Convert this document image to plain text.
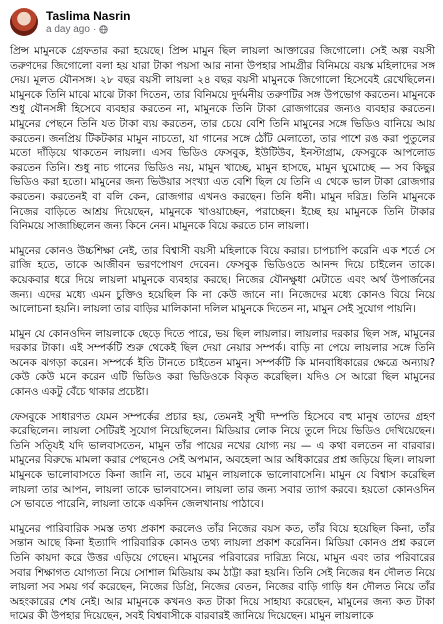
Taslima Nasrin
a day ago ·

প্রিন্স মামুনকে গ্রেফতার করা হয়েছে। প্রিন্স মামুন ছিল লায়লা আক্তারের জিগোলো। সেই অল্প বয়সী তরুণদের জিগোলো বলা হয় যারা টাকা পয়সা আর নানা উপহার সামগ্রীর বিনিময়ে বয়স্ক মহিলাদের সঙ্গ দেয়। মূলত যৌনসঙ্গ। ২৮ বছর বয়সী লায়লা ২৪ বছর বয়সী মামুনকে জিগোলো হিসেবেই রেখেছিলেন। মামুনকে তিনি মাঝে মাঝে টাকা দিতেন, তার বিনিময়ে দুর্দমনীয় তরুণটির সঙ্গ উপভোগ করতেন। মামুনকে শুধু যৌনসঙ্গী হিসেবে ব্যবহার করতেন না, মামুনকে তিনি টাকা রোজগারের জন্যও ব্যবহার করতেন। মামুনের পেছনে তিনি যত টাকা ব্যয় করতেন, তার চেয়ে বেশি তিনি মামুনের সঙ্গে ভিডিও বানিয়ে আয় করতেন। জনপ্রিয় টিকটকার মামুন নাচতো, যা গানের সঙ্গে ঠোঁট মেলাতো, তার পাশে রঙ করা পুতুলের মতো দাঁড়িয়ে থাকতেন লায়লা। এসব ভিডিও ফেসবুক, ইউটিউব, ইনস্টাগ্রাম, ফেসবুকে আপলোড করতেন তিনি। শুধু নাচ গানের ভিডিও নয়, মামুন খাচ্ছে, মামুন হাসছে, মামুন ঘুমোচ্ছে — সব কিছুর ভিডিও করা হতো। মামুনের জন্য ভিউয়ার সংখ্যা এত বেশি ছিল যে তিনি এ থেকে ভাল টাকা রোজগার করতেন। করতেনই বা বলি কেন, রোজগার এখনও করছেন। তিনি ধনী। মামুন দরিদ্র। তিনি মামুনকে নিজের বাড়িতে আশ্রয় দিয়েছেন, মামুনকে খাওয়াচ্ছেন, পরাচ্ছেন। ইচ্ছে হয় মামুনকে তিনি টাকার বিনিময়ে সাজাচ্ছিলেন জন্য কিনে নেন। মামুনকে বিয়ে করতে চান লায়লা।

মামুনের কোনও উচ্চশিক্ষা নেই, তার বিশ্বাসী বয়সী মহিলাকে বিয়ে করার। চাপচাপি করেনি এক শর্তে সে রাজি হতে, তাকে আজীবন ভরণপোষণ দেবেন। ফেসবুক ভিডিওতে আনন্দ দিয়ে চাইলেন তাকে। কয়েকবার ধরে দিয়ে লায়লা মামুনকে ব্যবহার করছে। নিজের যৌনক্ষুধা মেটাতে এবং অর্থ উপার্জনের জন্য। এদের মধ্যে এমন চুক্তিও হয়েছিল কি না কেউ জানে না। নিজেদের মধ্যে কোনও বিয়ে নিয়ে আলোচনা হয়নি। লায়লা তার বাড়ির মালিকানা দলিল মামুনকে দিতেন না, মামুন সেই সুযোগ পায়নি।

মামুন যে কোনওদিন লায়লাকে ছেড়ে দিতে পারে, ভয় ছিল লায়লার। লায়লার দরকার ছিল সঙ্গ, মামুনের দরকার টাকা। এই সম্পর্কটি শুরু থেকেই ছিল দেয়া নেয়ার সম্পর্ক। বাড়ি না পেয়ে লায়লার সঙ্গে তিনি অনেক ঝগড়া করেন। সম্পর্কে ইতি টানতে চাইতেন মামুন। সম্পর্কটি কি মানবাধিকারের ক্ষেত্রে অন্যায়? কেউ কেউ মনে করেন এটি ভিডিও করা ভিডিওকে বিকৃত করেছিল। যদিও সে আরো ছিল মামুনের কোনও একটু বেঁচে থাকার প্রচেষ্টা।

ফেসবুকে সাধারণত যেমন সম্পর্কের প্রচার হয়, তেমনই সুখী দম্পতি হিসেবে বহু মানুষ তাদের গ্রহণ করেছিলেন। লায়লা সেটিরই সুযোগ নিয়েছিলেন। মিডিয়ার লোক নিয়ে তুলে দিয়ে ভিডিও দেখিয়েছেন। তিনি সতি্যই যদি ভালবাসতেন, মামুন তাঁর পায়ের নখের যোগ্য নয় — এ কথা বলতেন না বারবার। মামুনের বিরুদ্ধে মামলা করার পেছনেও সেই অপমান, অবহেলা আর অধিকারের প্রশ্ন জড়িয়ে ছিল। লায়লা মামুনকে ভালোবাসতে কিনা জানি না, তবে মামুন লায়লাকে ভালোবাসেনি। মামুন যে বিশ্বাস করেছিল লায়লা তার আপন, লায়লা তাকে ভালবাসেন। লায়লা তার জন্য সবার ত্যাগ করবে। হয়তো কোনওদিন সে ভাবতে পারেনি, লায়লা তাকে একদিন জেলখানায় পাঠাবে।

মামুনের পারিবারিক সমস্ত তথ্য প্রকাশ করলেও তাঁর নিজের বয়স কত, তাঁর বিয়ে হয়েছিল কিনা, তাঁর সন্তান আছে কিনা ইত্যাদি পারিবারিক কোনও তথ্য লায়লা প্রকাশ করেনিন। মিডিয়া কোনও প্রশ্ন করলে তিনি কায়দা করে উত্তর এড়িয়ে গেছেন। মামুনের পরিবারের দারিদ্র্য নিয়ে, মামুন এবং তার পরিবারের সবার শিক্ষাগত যোগ্যতা নিয়ে সোশাল মিডিয়ায় কম ঠাট্টা করা হয়নি। তিনি সেই নিজের ধন দৌলত নিয়ে লায়লা সব সময় গর্ব করেছেন, নিজের ডিগ্রি, নিজের বেতন, নিজের বাড়ি গাড়ি ধন দৌলত নিয়ে তাঁর অহংকারের শেষ নেই। আর মামুনকে কখনও কত টাকা দিয়ে সাহায্য করেছেন, মামুনের জন্য কত টাকা দামের কী উপহার দিয়েছেন, সবই বিশ্ববাসীকে বারবারই জানিয়ে দিয়েছেন। মামুন লায়লাকে
